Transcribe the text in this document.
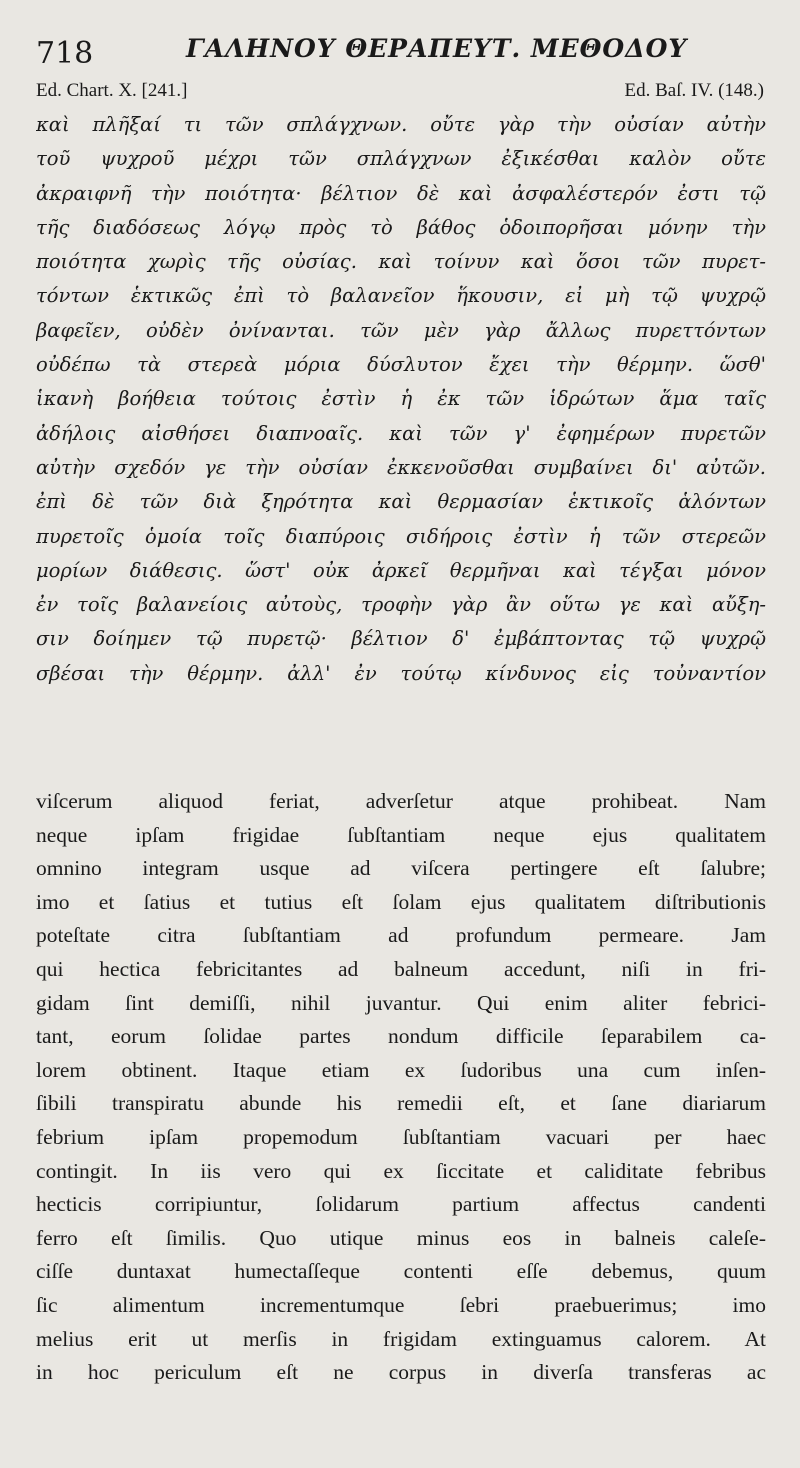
718	ΓΑΛΗΝΟΥ ΘΕΡΑΠΕΥΤ. ΜΕΘΟΔΟΥ
Ed. Chart. X. [241.]	Ed. Baſ. IV. (148.)
καὶ πλῆξαί τι τῶν σπλάγχνων. οὔτε γὰρ τὴν οὐσίαν αὐτὴν
τοῦ ψυχροῦ μέχρι τῶν σπλάγχνων ἐξικέσθαι καλὸν οὔτε
ἀκραιφνῆ τὴν ποιότητα· βέλτιον δὲ καὶ ἀσφαλέστερόν ἐστι τῷ
τῆς διαδόσεως λόγῳ πρὸς τὸ βάθος ὁδοιπορῆσαι μόνην τὴν
ποιότητα χωρὶς τῆς οὐσίας. καὶ τοίνυν καὶ ὅσοι τῶν πυρετ-
τόντων ἑκτικῶς ἐπὶ τὸ βαλανεῖον ἥκουσιν, εἰ μὴ τῷ ψυχρῷ
βαφεῖεν, οὐδὲν ὀνίνανται. τῶν μὲν γὰρ ἄλλως πυρεττόντων
οὐδέπω τὰ στερεὰ μόρια δύσλυτον ἔχει τὴν θέρμην. ὥσθ'
ἱκανὴ βοήθεια τούτοις ἐστὶν ἡ ἐκ τῶν ἱδρώτων ἅμα ταῖς
ἀδήλοις αἰσθήσει διαπνοαῖς. καὶ τῶν γ' ἐφημέρων πυρετῶν
αὐτὴν σχεδόν γε τὴν οὐσίαν ἐκκενοῦσθαι συμβαίνει δι' αὐτῶν.
ἐπὶ δὲ τῶν διὰ ξηρότητα καὶ θερμασίαν ἑκτικοῖς ἁλόντων
πυρετοῖς ὁμοία τοῖς διαπύροις σιδήροις ἐστὶν ἡ τῶν στερεῶν
μορίων διάθεσις. ὥστ' οὐκ ἀρκεῖ θερμῆναι καὶ τέγξαι μόνον
ἐν τοῖς βαλανείοις αὐτοὺς, τροφὴν γὰρ ἂν οὕτω γε καὶ αὔξη-
σιν δοίημεν τῷ πυρετῷ· βέλτιον δ' ἐμβάπτοντας τῷ ψυχρῷ
σβέσαι τὴν θέρμην. ἀλλ' ἐν τούτῳ κίνδυνος εἰς τοὐναντίον
viſcerum aliquod feriat, adverſetur atque prohibeat. Nam
neque ipſam frigidae ſubſtantiam neque ejus qualitatem
omnino integram usque ad viſcera pertingere eſt ſalubre;
imo et ſatius et tutius eſt ſolam ejus qualitatem diſtributionis
poteſtate citra ſubſtantiam ad profundum permeare. Jam
qui hectica febricitantes ad balneum accedunt, niſi in fri-
gidam ſint demiſſi, nihil juvantur. Qui enim aliter febrici-
tant, eorum ſolidae partes nondum difficile ſeparabilem ca-
lorem obtinent. Itaque etiam ex ſudoribus una cum inſen-
ſibili transpiratu abunde his remedii eſt, et ſane diariarum
febrium ipſam propemodum ſubſtantiam vacuari per haec
contingit. In iis vero qui ex ſiccitate et caliditate febribus
hecticis corripiuntur, ſolidarum partium affectus candenti
ferro eſt ſimilis. Quo utique minus eos in balneis caleſe-
ciſſe duntaxat humectaſſeque contenti eſſe debemus, quum
ſic alimentum incrementumque ſebri praebuerimus; imo
melius erit ut merſis in frigidam extinguamus calorem. At
in hoc periculum eſt ne corpus in diverſa transferas ac
